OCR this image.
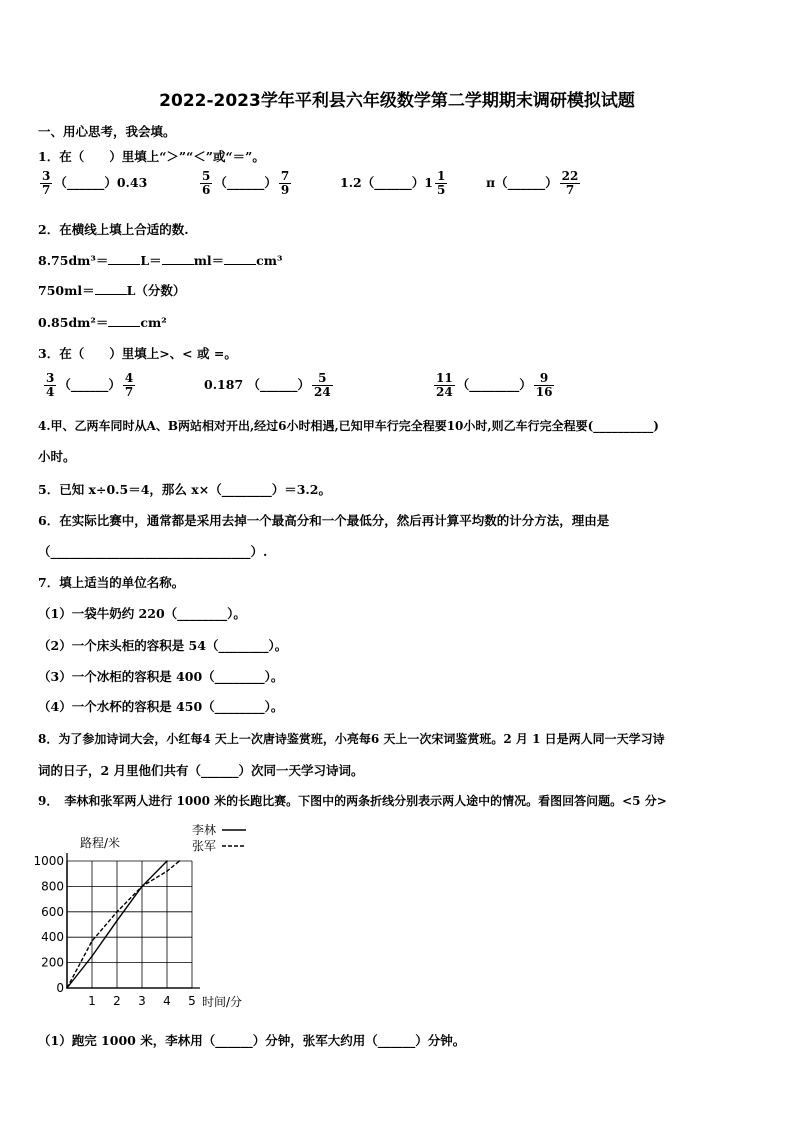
2022-2023学年平利县六年级数学第二学期期末调研模拟试题
一、用心思考，我会填。
1．在（　　）里填上“＞”“＜”或“＝”。
$\frac{3}{7}$ （______）0.43	$\frac{5}{6}$ （______） $\frac{7}{9}$	1.2（______）1 $\frac{1}{5}$	π（______） $\frac{22}{7}$
2．在横线上填上合适的数.
8.75dm³＝	L＝	ml＝	cm³
750ml＝	L（分数）
0.85dm²＝	cm²
3．在（　　）里填上>、< 或 =。
$\frac{3}{4}$ （______） $\frac{4}{7}$	0.187 （______） $\frac{5}{24}$	$\frac{11}{24}$ （________） $\frac{9}{16}$
4.甲、乙两车同时从A、B两站相对开出,经过6小时相遇,已知甲车行完全程要10小时,则乙车行完全程要(__________)
小时。
5．已知 x÷0.5＝4，那么 x×（________）＝3.2。
6．在实际比赛中，通常都是采用去掉一个最高分和一个最低分，然后再计算平均数的计分方法，理由是
（________________________________）.
7．填上适当的单位名称。
（1）一袋牛奶约 220（________）。
（2）一个床头柜的容积是 54（________）。
（3）一个冰柜的容积是 400（________）。
（4）一个水杯的容积是 450（________）。
8．为了参加诗词大会，小红每4 天上一次唐诗鉴赏班，小亮每6 天上一次宋词鉴赏班。2 月 1 日是两人同一天学习诗
词的日子，2 月里他们共有（______）次同一天学习诗词。
9．　李林和张军两人进行 1000 米的长跑比赛。下图中的两条折线分别表示两人途中的情况。看图回答问题。<5 分>
路程/米
时间/分
0
200
400
600
800
1000
1 2 3 4 5
李林
张军
（1）跑完 1000 米，李林用（______）分钟，张军大约用（______）分钟。
